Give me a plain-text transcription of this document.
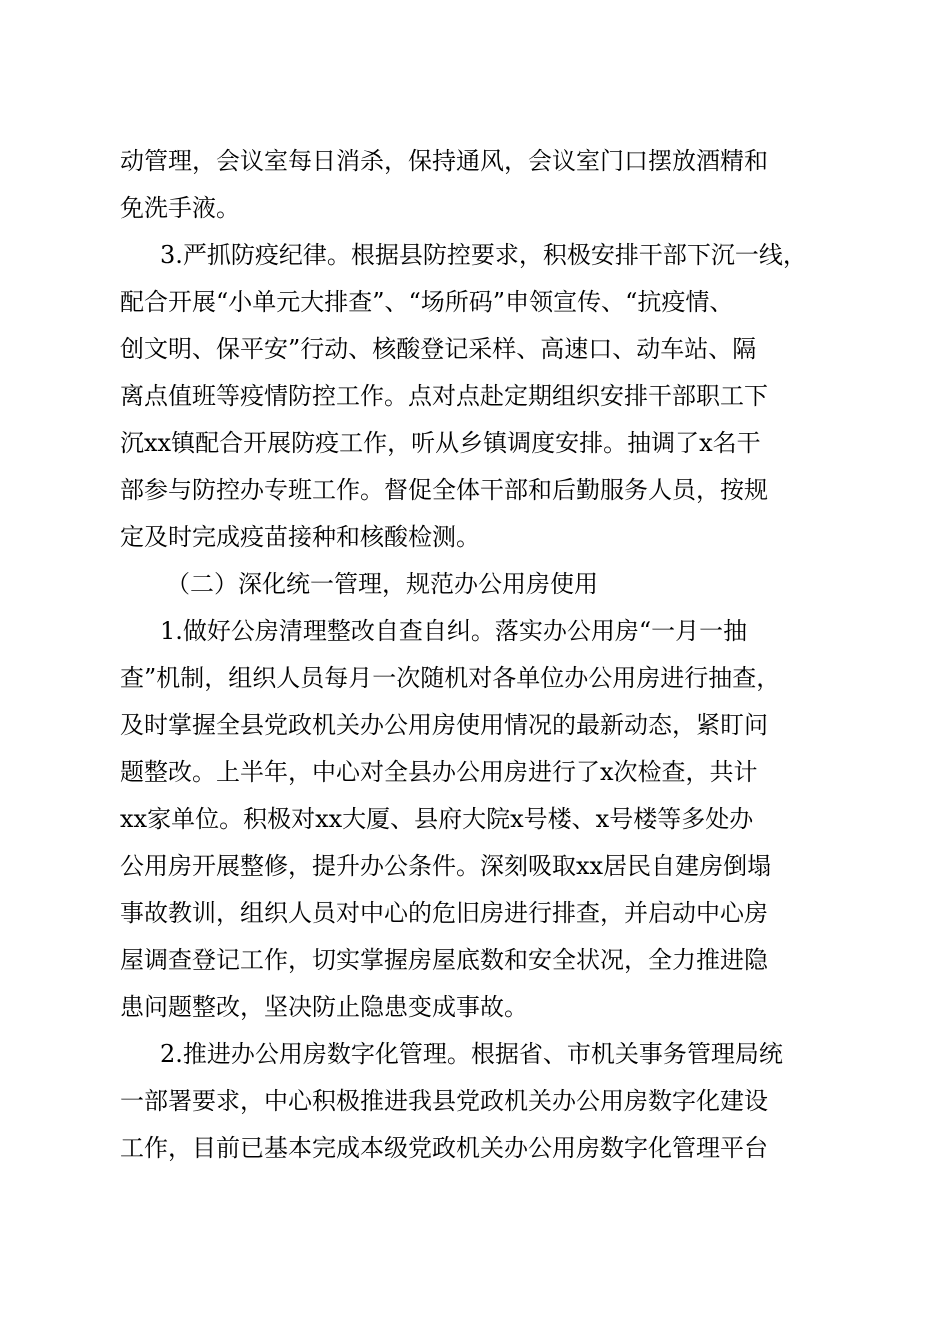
动管理，会议室每日消杀，保持通风，会议室门口摆放酒精和
免洗手液。
3.严抓防疫纪律。根据县防控要求，积极安排干部下沉一线，
配合开展“小单元大排查”、“场所码”申领宣传、“抗疫情、
创文明、保平安”行动、核酸登记采样、高速口、动车站、隔
离点值班等疫情防控工作。点对点赴定期组织安排干部职工下
沉xx镇配合开展防疫工作，听从乡镇调度安排。抽调了x名干
部参与防控办专班工作。督促全体干部和后勤服务人员，按规
定及时完成疫苗接种和核酸检测。
（二）深化统一管理，规范办公用房使用
1.做好公房清理整改自查自纠。落实办公用房“一月一抽
查”机制，组织人员每月一次随机对各单位办公用房进行抽查，
及时掌握全县党政机关办公用房使用情况的最新动态，紧盯问
题整改。上半年，中心对全县办公用房进行了x次检查，共计
xx家单位。积极对xx大厦、县府大院x号楼、x号楼等多处办
公用房开展整修，提升办公条件。深刻吸取xx居民自建房倒塌
事故教训，组织人员对中心的危旧房进行排查，并启动中心房
屋调查登记工作，切实掌握房屋底数和安全状况，全力推进隐
患问题整改，坚决防止隐患变成事故。
2.推进办公用房数字化管理。根据省、市机关事务管理局统
一部署要求，中心积极推进我县党政机关办公用房数字化建设
工作，目前已基本完成本级党政机关办公用房数字化管理平台
